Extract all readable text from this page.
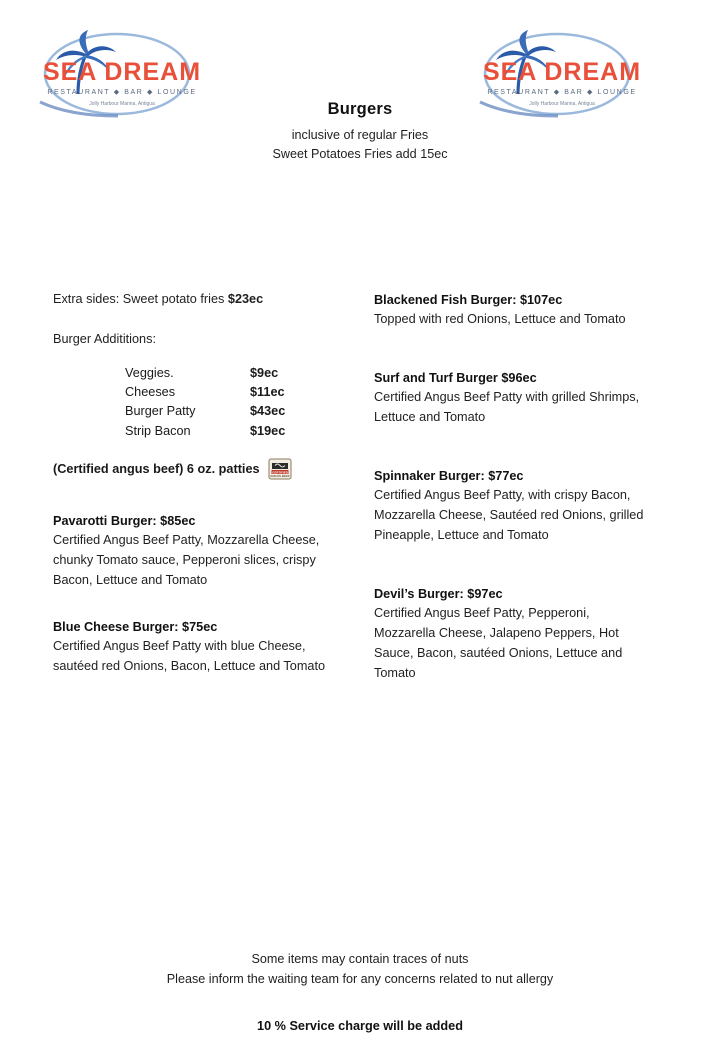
SEA DREAM
RESTAURANT ◆ BAR ◆ LOUNGE
Jolly Harbour Marina, Antigua
SEA DREAM
RESTAURANT ◆ BAR ◆ LOUNGE
Jolly Harbour Marina, Antigua
Burgers
inclusive of regular Fries
Sweet Potatoes Fries add 15ec
Extra sides: Sweet potato fries $23ec
Burger Addititions:
Veggies.	$9ec
Cheeses	$11ec
Burger Patty	$43ec
Strip Bacon	$19ec
(Certified angus beef) 6 oz. patties	CERTIFIED
ANGUS BEEF
Pavarotti Burger: $85ec
Certified Angus Beef Patty, Mozzarella Cheese, chunky Tomato sauce, Pepperoni slices, crispy Bacon, Lettuce and Tomato
Blue Cheese Burger: $75ec
Certified Angus Beef Patty with blue Cheese, sautéed red Onions, Bacon, Lettuce and Tomato
Blackened Fish Burger: $107ec
Topped with red Onions, Lettuce and Tomato
Surf and Turf Burger $96ec
Certified Angus Beef Patty with grilled Shrimps, Lettuce and Tomato
Spinnaker Burger: $77ec
Certified Angus Beef Patty, with crispy Bacon, Mozzarella Cheese, Sautéed red Onions, grilled Pineapple, Lettuce and Tomato
Devil’s Burger: $97ec
Certified Angus Beef Patty, Pepperoni, Mozzarella Cheese, Jalapeno Peppers, Hot Sauce, Bacon, sautéed Onions, Lettuce and Tomato
Some items may contain traces of nuts
Please inform the waiting team for any concerns related to nut allergy
10 % Service charge will be added
